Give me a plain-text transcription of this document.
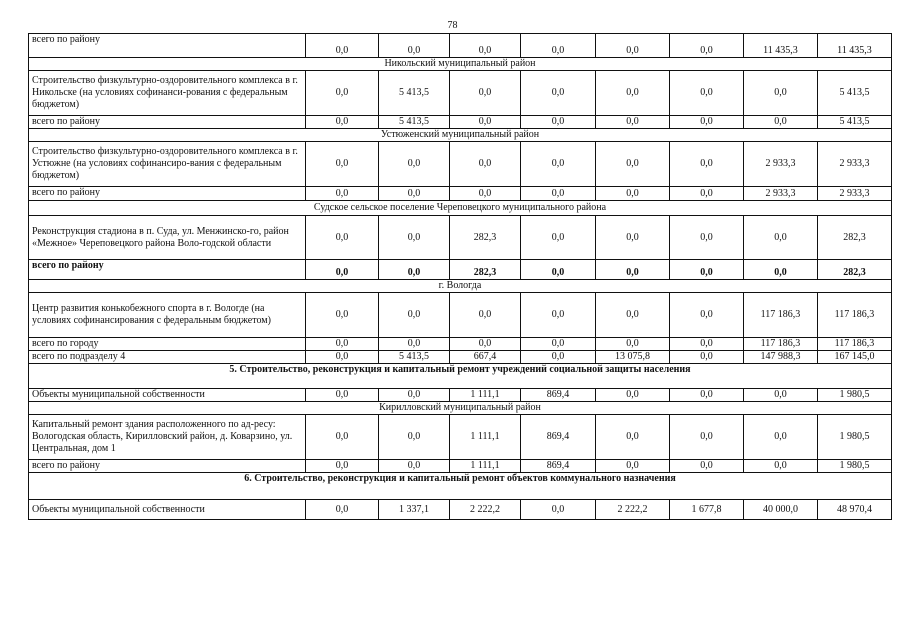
78
всего по району	0,0	0,0	0,0	0,0	0,0	0,0	11 435,3	11 435,3
Никольский муниципальный район								
Строительство физкультурно-оздоровительного комплекса в г. Никольске (на условиях софинанси-рования с федеральным бюджетом)	0,0	5 413,5	0,0	0,0	0,0	0,0	0,0	5 413,5
всего по району	0,0	5 413,5	0,0	0,0	0,0	0,0	0,0	5 413,5
Устюженский муниципальный район								
Строительство физкультурно-оздоровительного комплекса в г. Устюжне (на условиях софинансиро-вания с федеральным бюджетом)	0,0	0,0	0,0	0,0	0,0	0,0	2 933,3	2 933,3
всего по району	0,0	0,0	0,0	0,0	0,0	0,0	2 933,3	2 933,3
Судское сельское поселение Череповецкого муниципального района								
Реконструкция стадиона в п. Суда, ул. Менжинско-го, район «Межное» Череповецкого района Воло-годской области	0,0	0,0	282,3	0,0	0,0	0,0	0,0	282,3
всего по району	0,0	0,0	282,3	0,0	0,0	0,0	0,0	282,3
г. Вологда								
Центр развития конькобежного спорта в г. Вологде (на условиях софинансирования с федеральным бюджетом)	0,0	0,0	0,0	0,0	0,0	0,0	117 186,3	117 186,3
всего по городу	0,0	0,0	0,0	0,0	0,0	0,0	117 186,3	117 186,3
всего по подразделу 4	0,0	5 413,5	667,4	0,0	13 075,8	0,0	147 988,3	167 145,0
5. Строительство, реконструкция и капитальный ремонт учреждений социальной защиты населения								
Объекты муниципальной собственности	0,0	0,0	1 111,1	869,4	0,0	0,0	0,0	1 980,5
Кирилловский муниципальный район								
Капитальный ремонт здания расположенного по ад-ресу: Вологодская область, Кирилловский район, д. Коварзино, ул. Центральная, дом 1	0,0	0,0	1 111,1	869,4	0,0	0,0	0,0	1 980,5
всего по району	0,0	0,0	1 111,1	869,4	0,0	0,0	0,0	1 980,5
6. Строительство, реконструкция и капитальный ремонт объектов коммунального назначения								
Объекты муниципальной собственности	0,0	1 337,1	2 222,2	0,0	2 222,2	1 677,8	40 000,0	48 970,4
